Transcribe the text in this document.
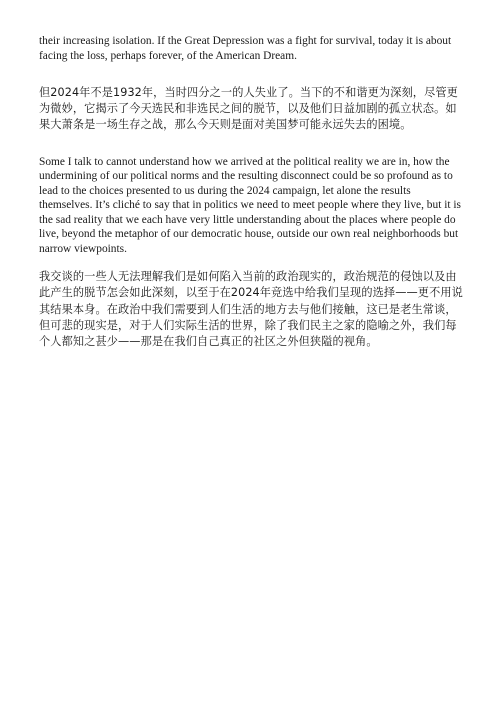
their increasing isolation. If the Great Depression was a fight for survival, today it is about facing the loss, perhaps forever, of the American Dream.

但2024年不是1932年，当时四分之一的人失业了。当下的不和谐更为深刻，尽管更为微妙，它揭示了今天选民和非选民之间的脱节，以及他们日益加剧的孤立状态。如果大萧条是一场生存之战，那么今天则是面对美国梦可能永远失去的困境。

Some I talk to cannot understand how we arrived at the political reality we are in, how the undermining of our political norms and the resulting disconnect could be so profound as to lead to the choices presented to us during the 2024 campaign, let alone the results themselves. It’s cliché to say that in politics we need to meet people where they live, but it is the sad reality that we each have very little understanding about the places where people do live, beyond the metaphor of our democratic house, outside our own real neighborhoods but narrow viewpoints.

我交谈的一些人无法理解我们是如何陷入当前的政治现实的，政治规范的侵蚀以及由此产生的脱节怎会如此深刻，以至于在2024年竞选中给我们呈现的选择——更不用说其结果本身。在政治中我们需要到人们生活的地方去与他们接触，这已是老生常谈，但可悲的现实是，对于人们实际生活的世界，除了我们民主之家的隐喻之外，我们每个人都知之甚少——那是在我们自己真正的社区之外但狭隘的视角。
